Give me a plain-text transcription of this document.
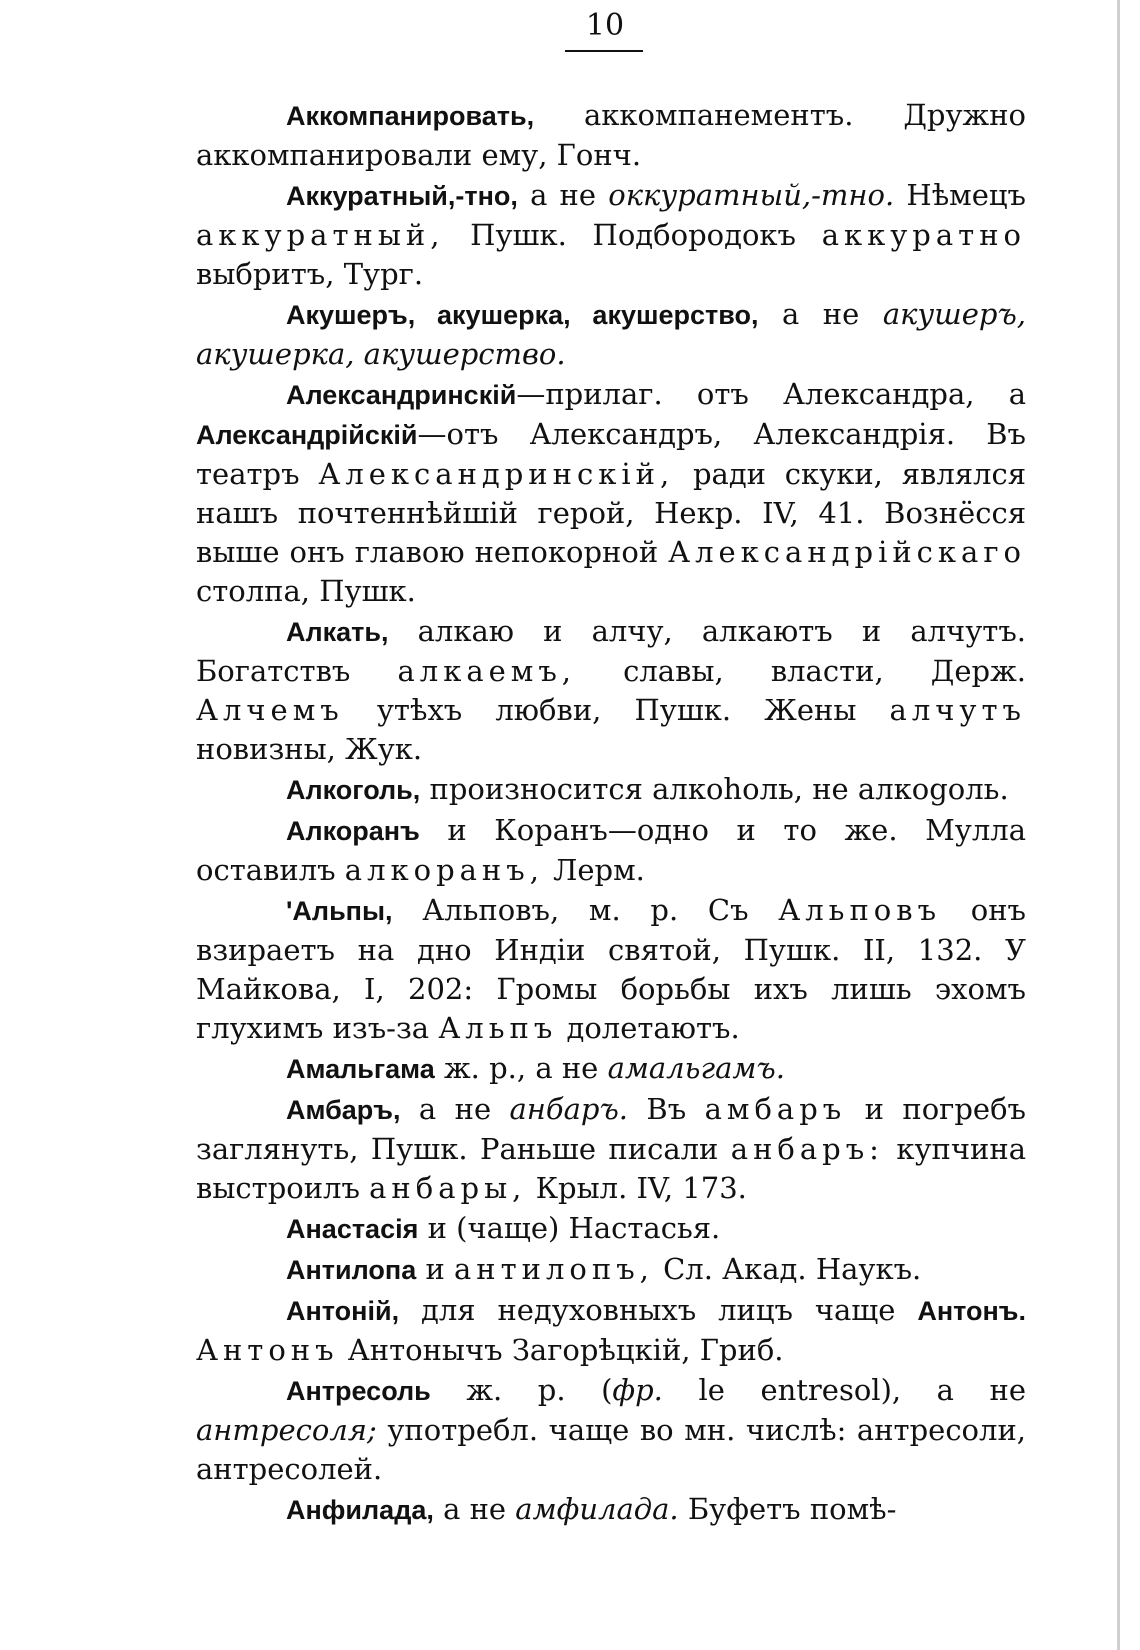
10

Аккомпанировать, аккомпанементъ. Дружно аккомпанировали ему, Гонч.

Аккуратный,-тно, а не оккуратный,-тно. Нѣмецъ аккуратный, Пушк. Подбородокъ аккуратно выбритъ, Тург.

Акушеръ, акушерка, акушерство, а не акушеръ, акушерка, акушерство.

Александринскій—прилаг. отъ Александра, а Александрійскій—отъ Александръ, Александрія. Въ театръ Александринскій, ради скуки, являлся нашъ почтеннѣйшій герой, Некр. IV, 41. Вознёсся выше онъ главою непокорной Александрійскаго столпа, Пушк.

Алкать, алкаю и алчу, алкаютъ и алчутъ. Богатствъ алкаемъ, славы, власти, Держ. Алчемъ утѣхъ любви, Пушк. Жены алчутъ новизны, Жук.

Алкоголь, произносится алкоhоль, не алкоgоль.

Алкоранъ и Коранъ—одно и то же. Мулла оставилъ алкоранъ, Лерм.

'Альпы, Альповъ, м. р. Съ Альповъ онъ взираетъ на дно Индіи святой, Пушк. II, 132. У Майкова, I, 202: Громы борьбы ихъ лишь эхомъ глухимъ изъ-за Альпъ долетаютъ.

Амальгама ж. р., а не амальгамъ.

Амбаръ, а не анбаръ. Въ амбаръ и погребъ заглянуть, Пушк. Раньше писали анбаръ: купчина выстроилъ анбары, Крыл. IV, 173.

Анастасія и (чаще) Настасья.

Антилопа и антилопъ, Сл. Акад. Наукъ.

Антоній, для недуховныхъ лицъ чаще Антонъ. Антонъ Антонычъ Загорѣцкій, Гриб.

Антресоль ж. р. (фр. le entresol), а не антресоля; употребл. чаще во мн. числѣ: антресоли, антресолей.

Анфилада, а не амфилада. Буфетъ помѣ-
